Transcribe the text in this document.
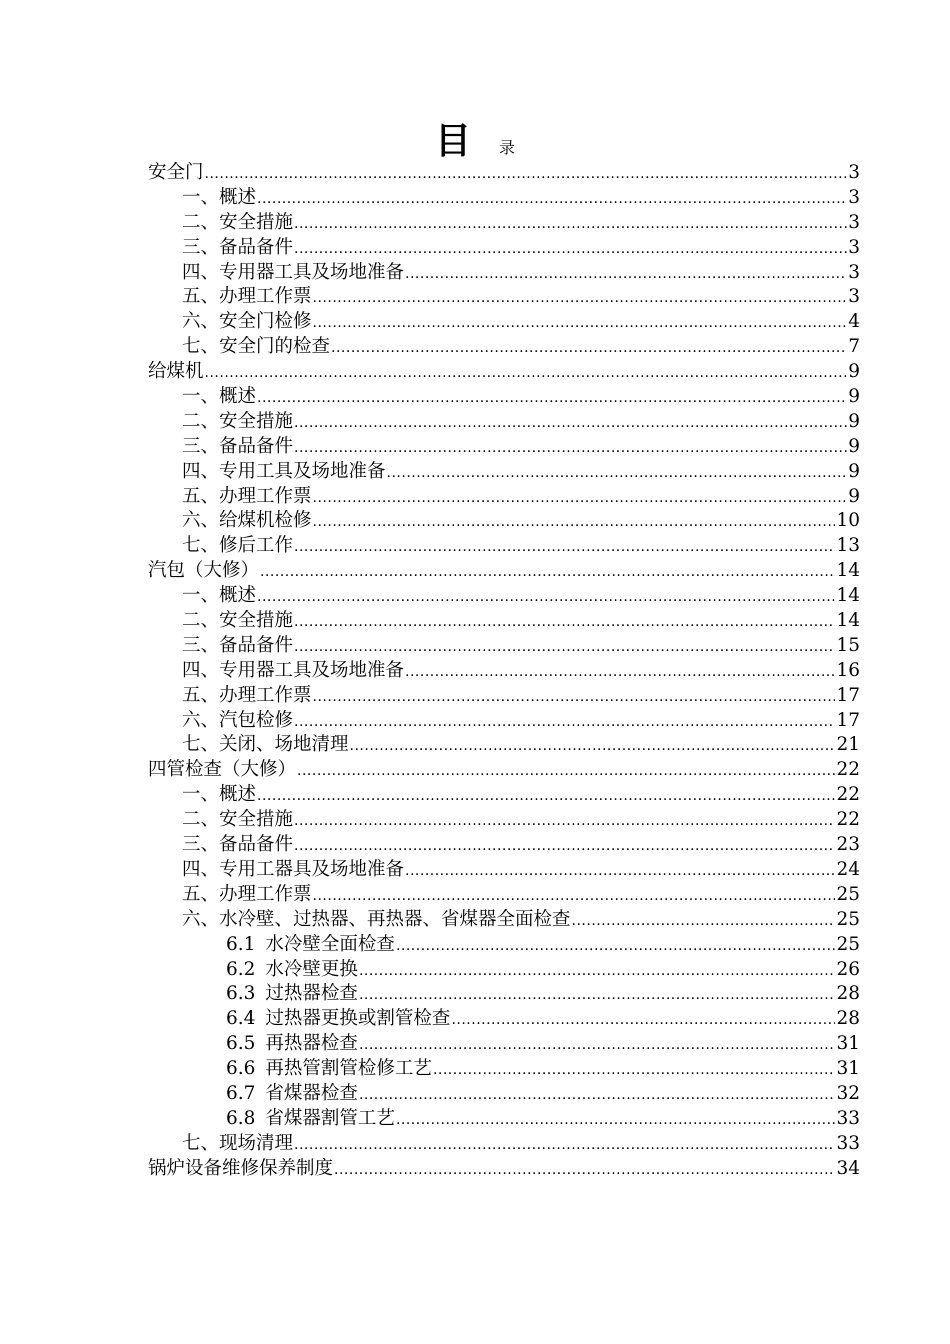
目 录
安全门 .....	3
一、概述 .....	3
二、安全措施 .....	3
三、备品备件 .....	3
四、专用器工具及场地准备 .....	3
五、办理工作票 .....	3
六、安全门检修 .....	4
七、安全门的检查 .....	7
给煤机 .....	9
一、概述 .....	9
二、安全措施 .....	9
三、备品备件 .....	9
四、专用工具及场地准备 .....	9
五、办理工作票 .....	9
六、给煤机检修 .....	10
七、修后工作 .....	13
汽包（大修） .....	14
一、概述 .....	14
二、安全措施 .....	14
三、备品备件 .....	15
四、专用器工具及场地准备 .....	16
五、办理工作票 .....	17
六、汽包检修 .....	17
七、关闭、场地清理 .....	21
四管检查（大修） .....	22
一、概述 .....	22
二、安全措施 .....	22
三、备品备件 .....	23
四、专用工器具及场地准备 .....	24
五、办理工作票 .....	25
六、水冷壁、过热器、再热器、省煤器全面检查 .....	25
6.1 水冷壁全面检查 .....	25
6.2 水冷壁更换 .....	26
6.3 过热器检查 .....	28
6.4 过热器更换或割管检查 .....	28
6.5 再热器检查 .....	31
6.6 再热管割管检修工艺 .....	31
6.7 省煤器检查 .....	32
6.8 省煤器割管工艺 .....	33
七、现场清理 .....	33
锅炉设备维修保养制度 .....	34
